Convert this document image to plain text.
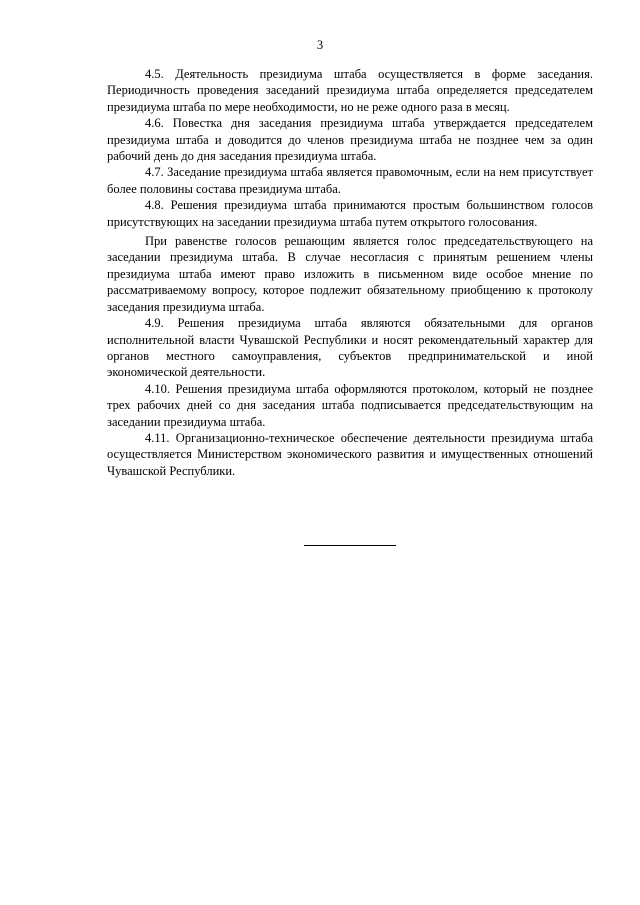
3

4.5. Деятельность президиума штаба осуществляется в форме заседания. Периодичность проведения заседаний президиума штаба определяется председателем президиума штаба по мере необходимости, но не реже одного раза в месяц.

4.6. Повестка дня заседания президиума штаба утверждается председателем президиума штаба и доводится до членов президиума штаба не позднее чем за один рабочий день до дня заседания президиума штаба.

4.7. Заседание президиума штаба является правомочным, если на нем присутствует более половины состава президиума штаба.

4.8. Решения президиума штаба принимаются простым большинством голосов присутствующих на заседании президиума штаба путем открытого голосования.

При равенстве голосов решающим является голос председательствующего на заседании президиума штаба. В случае несогласия с принятым решением члены президиума штаба имеют право изложить в письменном виде особое мнение по рассматриваемому вопросу, которое подлежит обязательному приобщению к протоколу заседания президиума штаба.

4.9. Решения президиума штаба являются обязательными для органов исполнительной власти Чувашской Республики и носят рекомендательный характер для органов местного самоуправления, субъектов предпринимательской и иной экономической деятельности.

4.10. Решения президиума штаба оформляются протоколом, который не позднее трех рабочих дней со дня заседания штаба подписывается председательствующим на заседании президиума штаба.

4.11. Организационно-техническое обеспечение деятельности президиума штаба осуществляется Министерством экономического развития и имущественных отношений Чувашской Республики.
